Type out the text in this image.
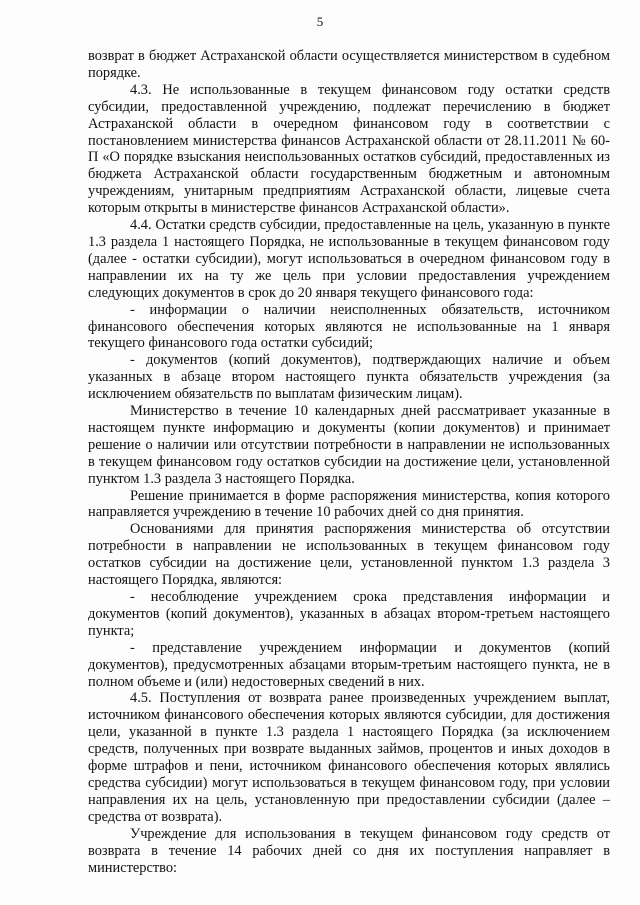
5

возврат в бюджет Астраханской области осуществляется министерством в судебном порядке.

4.3. Не использованные в текущем финансовом году остатки средств субсидии, предоставленной учреждению, подлежат перечислению в бюджет Астраханской области в очередном финансовом году в соответствии с постановлением министерства финансов Астраханской области от 28.11.2011 № 60-П «О порядке взыскания неиспользованных остатков субсидий, предоставленных из бюджета Астраханской области государственным бюджетным и автономным учреждениям, унитарным предприятиям Астраханской области, лицевые счета которым открыты в министерстве финансов Астраханской области».

4.4. Остатки средств субсидии, предоставленные на цель, указанную в пункте 1.3 раздела 1 настоящего Порядка, не использованные в текущем финансовом году (далее - остатки субсидии), могут использоваться в очередном финансовом году в направлении их на ту же цель при условии предоставления учреждением следующих документов в срок до 20 января текущего финансового года:

- информации о наличии неисполненных обязательств, источником финансового обеспечения которых являются не использованные на 1 января текущего финансового года остатки субсидий;

- документов (копий документов), подтверждающих наличие и объем указанных в абзаце втором настоящего пункта обязательств учреждения (за исключением обязательств по выплатам физическим лицам).

Министерство в течение 10 календарных дней рассматривает указанные в настоящем пункте информацию и документы (копии документов) и принимает решение о наличии или отсутствии потребности в направлении не использованных в текущем финансовом году остатков субсидии на достижение цели, установленной пунктом 1.3 раздела 3 настоящего Порядка.

Решение принимается в форме распоряжения министерства, копия которого направляется учреждению в течение 10 рабочих дней со дня принятия.

Основаниями для принятия распоряжения министерства об отсутствии потребности в направлении не использованных в текущем финансовом году остатков субсидии на достижение цели, установленной пунктом 1.3 раздела 3 настоящего Порядка, являются:

- несоблюдение учреждением срока представления информации и документов (копий документов), указанных в абзацах втором-третьем настоящего пункта;

- представление учреждением информации и документов (копий документов), предусмотренных абзацами вторым-третьим настоящего пункта, не в полном объеме и (или) недостоверных сведений в них.

4.5. Поступления от возврата ранее произведенных учреждением выплат, источником финансового обеспечения которых являются субсидии, для достижения цели, указанной в пункте 1.3 раздела 1 настоящего Порядка (за исключением средств, полученных при возврате выданных займов, процентов и иных доходов в форме штрафов и пени, источником финансового обеспечения которых являлись средства субсидии) могут использоваться в текущем финансовом году, при условии направления их на цель, установленную при предоставлении субсидии (далее – средства от возврата).

Учреждение для использования в текущем финансовом году средств от возврата в течение 14 рабочих дней со дня их поступления направляет в министерство:
